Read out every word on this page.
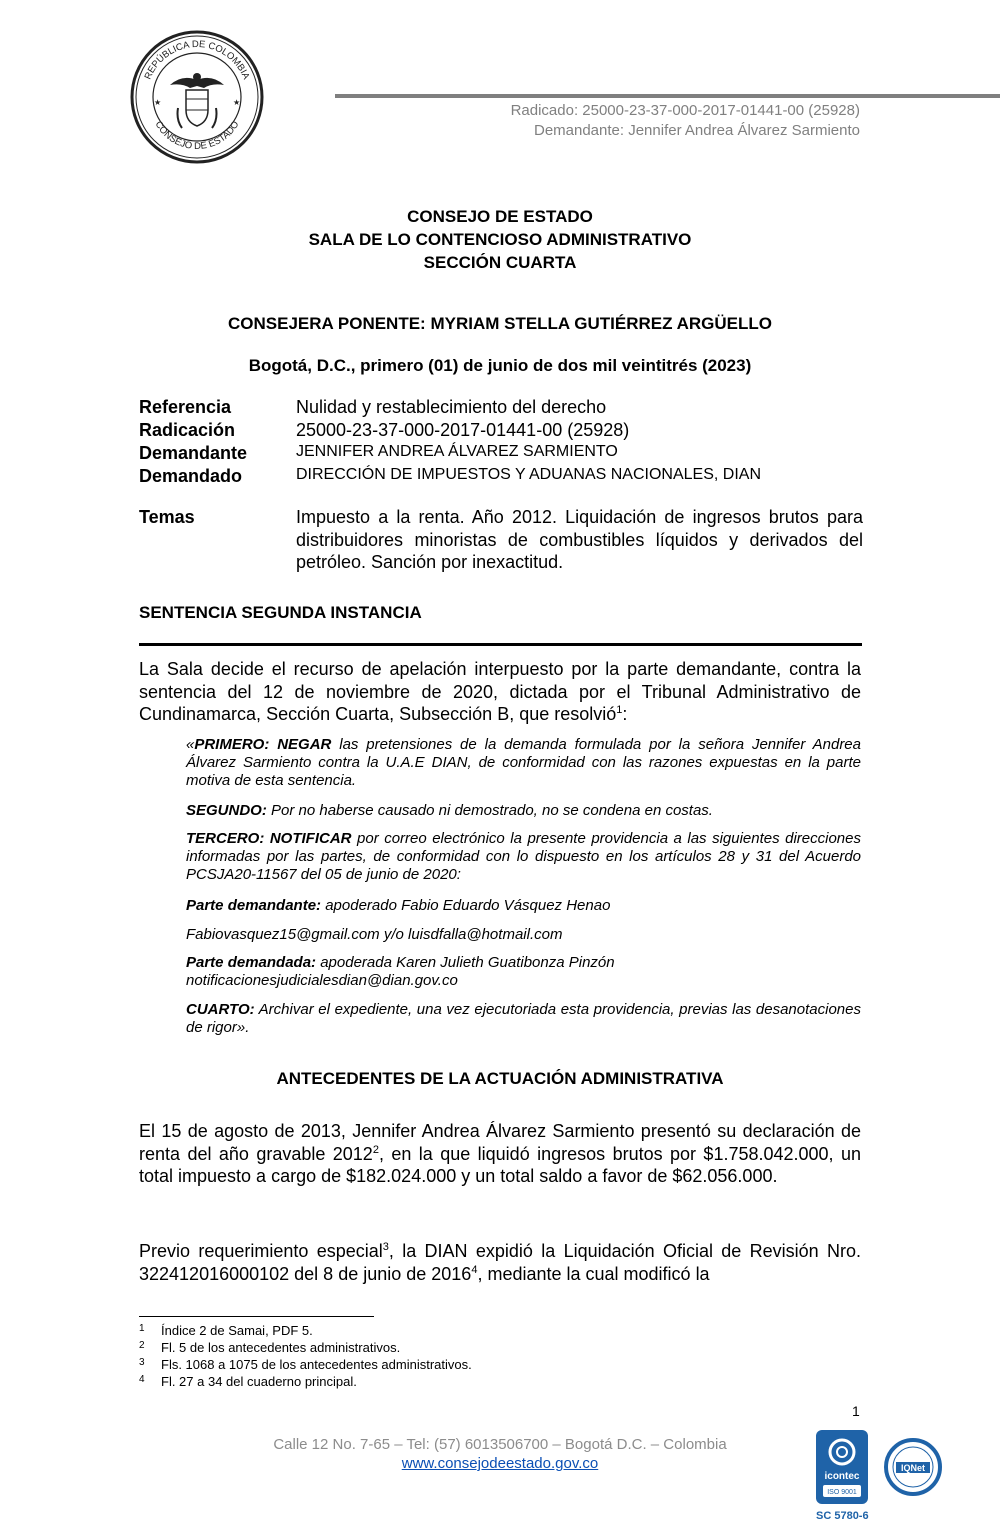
REPÚBLICA DE COLOMBIA
CONSEJO DE ESTADO
★	★	Radicado: 25000-23-37-000-2017-01441-00 (25928)
Demandante: Jennifer Andrea Álvarez Sarmiento
CONSEJO DE ESTADO
SALA DE LO CONTENCIOSO ADMINISTRATIVO
SECCIÓN CUARTA
CONSEJERA PONENTE: MYRIAM STELLA GUTIÉRREZ ARGÜELLO
Bogotá, D.C., primero (01) de junio de dos mil veintitrés (2023)
Referencia	Nulidad y restablecimiento del derecho
Radicación	25000-23-37-000-2017-01441-00 (25928)
Demandante	JENNIFER ANDREA ÁLVAREZ SARMIENTO
Demandado	DIRECCIÓN DE IMPUESTOS Y ADUANAS NACIONALES, DIAN
Temas	Impuesto a la renta. Año 2012. Liquidación de ingresos brutos para distribuidores minoristas de combustibles líquidos y derivados del petróleo. Sanción por inexactitud.
SENTENCIA SEGUNDA INSTANCIA
La Sala decide el recurso de apelación interpuesto por la parte demandante, contra la sentencia del 12 de noviembre de 2020, dictada por el Tribunal Administrativo de Cundinamarca, Sección Cuarta, Subsección B, que resolvió$^1$:
«PRIMERO: NEGAR las pretensiones de la demanda formulada por la señora Jennifer Andrea Álvarez Sarmiento contra la U.A.E DIAN, de conformidad con las razones expuestas en la parte motiva de esta sentencia.
SEGUNDO: Por no haberse causado ni demostrado, no se condena en costas.
TERCERO: NOTIFICAR por correo electrónico la presente providencia a las siguientes direcciones informadas por las partes, de conformidad con lo dispuesto en los artículos 28 y 31 del Acuerdo PCSJA20-11567 del 05 de junio de 2020:
Parte demandante: apoderado Fabio Eduardo Vásquez Henao
Fabiovasquez15@gmail.com y/o luisdfalla@hotmail.com
Parte demandada: apoderada Karen Julieth Guatibonza Pinzón
notificacionesjudicialesdian@dian.gov.co
CUARTO: Archivar el expediente, una vez ejecutoriada esta providencia, previas las desanotaciones de rigor».
ANTECEDENTES DE LA ACTUACIÓN ADMINISTRATIVA
El 15 de agosto de 2013, Jennifer Andrea Álvarez Sarmiento presentó su declaración de renta del año gravable 2012$^2$, en la que liquidó ingresos brutos por $1.758.042.000, un total impuesto a cargo de $182.024.000 y un total saldo a favor de $62.056.000.
Previo requerimiento especial$^3$, la DIAN expidió la Liquidación Oficial de Revisión Nro. 322412016000102 del 8 de junio de 2016$^4$, mediante la cual modificó la
1 Índice 2 de Samai, PDF 5.
2 Fl. 5 de los antecedentes administrativos.
3 Fls. 1068 a 1075 de los antecedentes administrativos.
4 Fl. 27 a 34 del cuaderno principal.
1
Calle 12 No. 7-65 – Tel: (57) 6013506700 – Bogotá D.C. – Colombia
www.consejodeestado.gov.co
icontec
ISO 9001
IQNet
SC 5780-6
